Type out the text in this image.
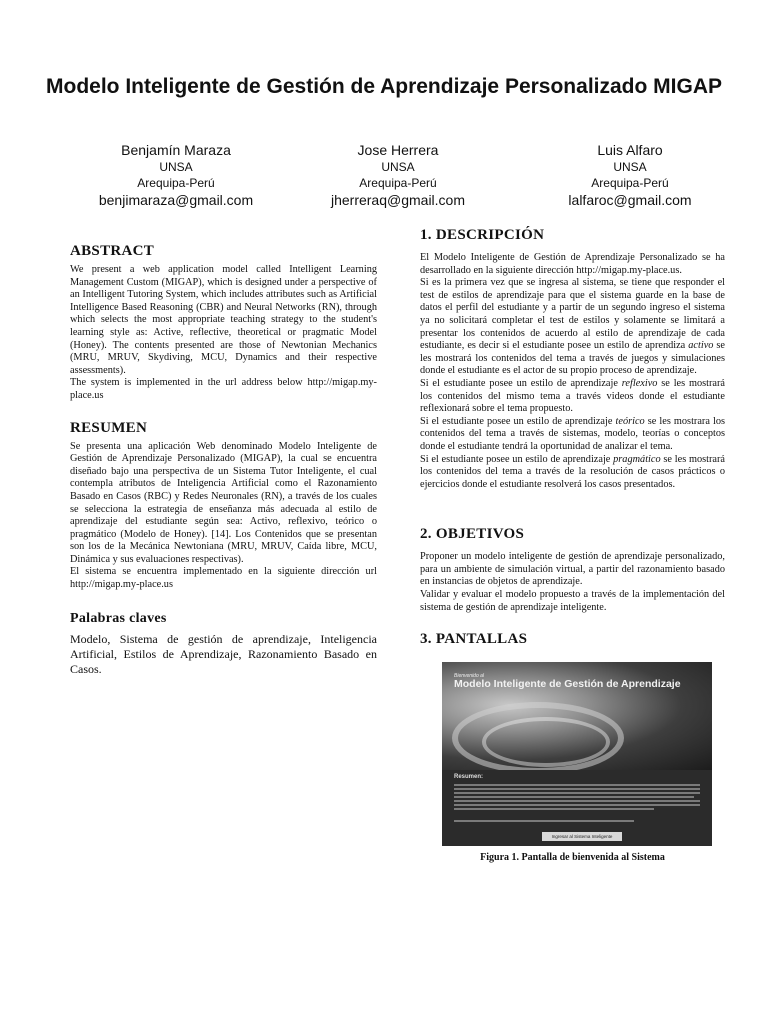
Modelo Inteligente de Gestión de Aprendizaje Personalizado MIGAP
Benjamín Maraza
UNSA
Arequipa-Perú
benjimaraza@gmail.com
Jose Herrera
UNSA
Arequipa-Perú
jherreraq@gmail.com
Luis Alfaro
UNSA
Arequipa-Perú
lalfaroc@gmail.com
ABSTRACT

We present a web application model called Intelligent Learning Management Custom (MIGAP), which is designed under a perspective of an Intelligent Tutoring System, which includes attributes such as Artificial Intelligence Based Reasoning (CBR) and Neural Networks (RN), through which selects the most appropriate teaching strategy to the student's learning style as: Active, reflective, theoretical or pragmatic Model (Honey). The contents presented are those of Newtonian Mechanics (MRU, MRUV, Skydiving, MCU, Dynamics and their respective assessments).

The system is implemented in the url address below http://migap.my-place.us

RESUMEN

Se presenta una aplicación Web denominado Modelo Inteligente de Gestión de Aprendizaje Personalizado (MIGAP), la cual se encuentra diseñado bajo una perspectiva de un Sistema Tutor Inteligente, el cual contempla atributos de Inteligencia Artificial como el Razonamiento Basado en Casos (RBC) y Redes Neuronales (RN), a través de los cuales se selecciona la estrategia de enseñanza más adecuada al estilo de aprendizaje del estudiante según sea: Activo, reflexivo, teórico o pragmático (Modelo de Honey). [14]. Los Contenidos que se presentan son los de la Mecánica Newtoniana (MRU, MRUV, Caída libre, MCU, Dinámica y sus evaluaciones respectivas).

El sistema se encuentra implementado en la siguiente dirección url http://migap.my-place.us

Palabras claves

Modelo, Sistema de gestión de aprendizaje, Inteligencia Artificial, Estilos de Aprendizaje, Razonamiento Basado en Casos.

1. DESCRIPCIÓN

El Modelo Inteligente de Gestión de Aprendizaje Personalizado se ha desarrollado en la siguiente dirección http://migap.my-place.us.

Si es la primera vez que se ingresa al sistema, se tiene que responder el test de estilos de aprendizaje para que el sistema guarde en la base de datos el perfil del estudiante y a partir de un segundo ingreso el sistema ya no solicitará completar el test de estilos y solamente se limitará a presentar los contenidos de acuerdo al estilo de aprendizaje de cada estudiante, es decir si el estudiante posee un estilo de aprendiza activo se les mostrará los contenidos del tema a través de juegos y simulaciones donde el estudiante es el actor de su propio proceso de aprendizaje.

Si el estudiante posee un estilo de aprendizaje reflexivo se les mostrará los contenidos del mismo tema a través videos donde el estudiante reflexionará sobre el tema propuesto.

Si el estudiante posee un estilo de aprendizaje teórico se les mostrara los contenidos del tema a través de sistemas, modelo, teorías o conceptos donde el estudiante tendrá la oportunidad de analizar el tema.

Si el estudiante posee un estilo de aprendizaje pragmático se les mostrará los contenidos del tema a través de la resolución de casos prácticos o ejercicios donde el estudiante resolverá los casos presentados.

2. OBJETIVOS

Proponer un modelo inteligente de gestión de aprendizaje personalizado, para un ambiente de simulación virtual, a partir del razonamiento basado en instancias de objetos de aprendizaje.

Validar y evaluar el modelo propuesto a través de la implementación del sistema de gestión de aprendizaje inteligente.

3. PANTALLAS
Bienvenido al
Modelo Inteligente de Gestión de Aprendizaje
Resumen:
Ingresar al Sistema Inteligente

Figura 1. Pantalla de bienvenida al Sistema
